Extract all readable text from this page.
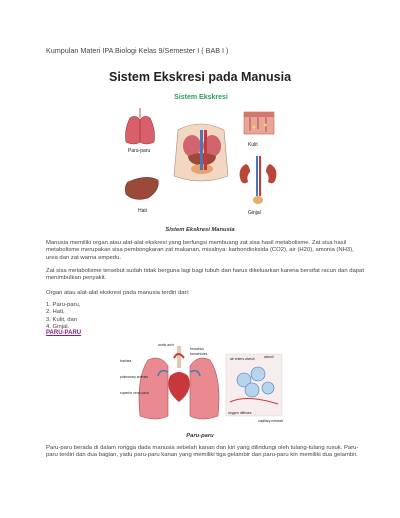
Kumpulan Materi IPA Biologi Kelas 9/Semester I ( BAB I )
Sistem Ekskresi pada Manusia
Sistem Ekskresi
Paru-paru
Kulit
Hati	Ginjal
Sistem Ekskresi Manusia
Manusia memiliki organ atau alat-alat ekskresi yang berfungsi membuang zat sisa hasil metabolisme. Zat sisa hasil metabolisme merupakan sisa pembongkaran zat makanan, misalnya: karbondioksida (CO2), air (H20), amonia (NH3), urea dan zat warna empedu.
Zat sisa metabolisme tersebut sudah tidak berguna lagi bagi tubuh dan harus dikeluarkan karena bersifat racun dan dapat menimbulkan penyakit.
Organ atau alat-alat ekskresi pada manusia terdiri dari:
1. Paru-paru,
2. Hati,
3. Kulit, dan
4. Ginjal.
PARU-PARU
aortic arch
bronchus
bronchioles
air enters alveoli	alveoli
trachea
pulmonary arteries
superior vena cava
oxygen diffuses
capillary network
Paru-paru
Paru-paru berada di dalam rongga dada manusia sebelah kanan dan kiri yang dilindungi oleh tulang-tulang rusuk. Paru-paru terdiri dan dua bagian, yadu paru-paru kanan yang memiliki tiga gelambir dan paru-paru kin memiliki dua gelambir.
